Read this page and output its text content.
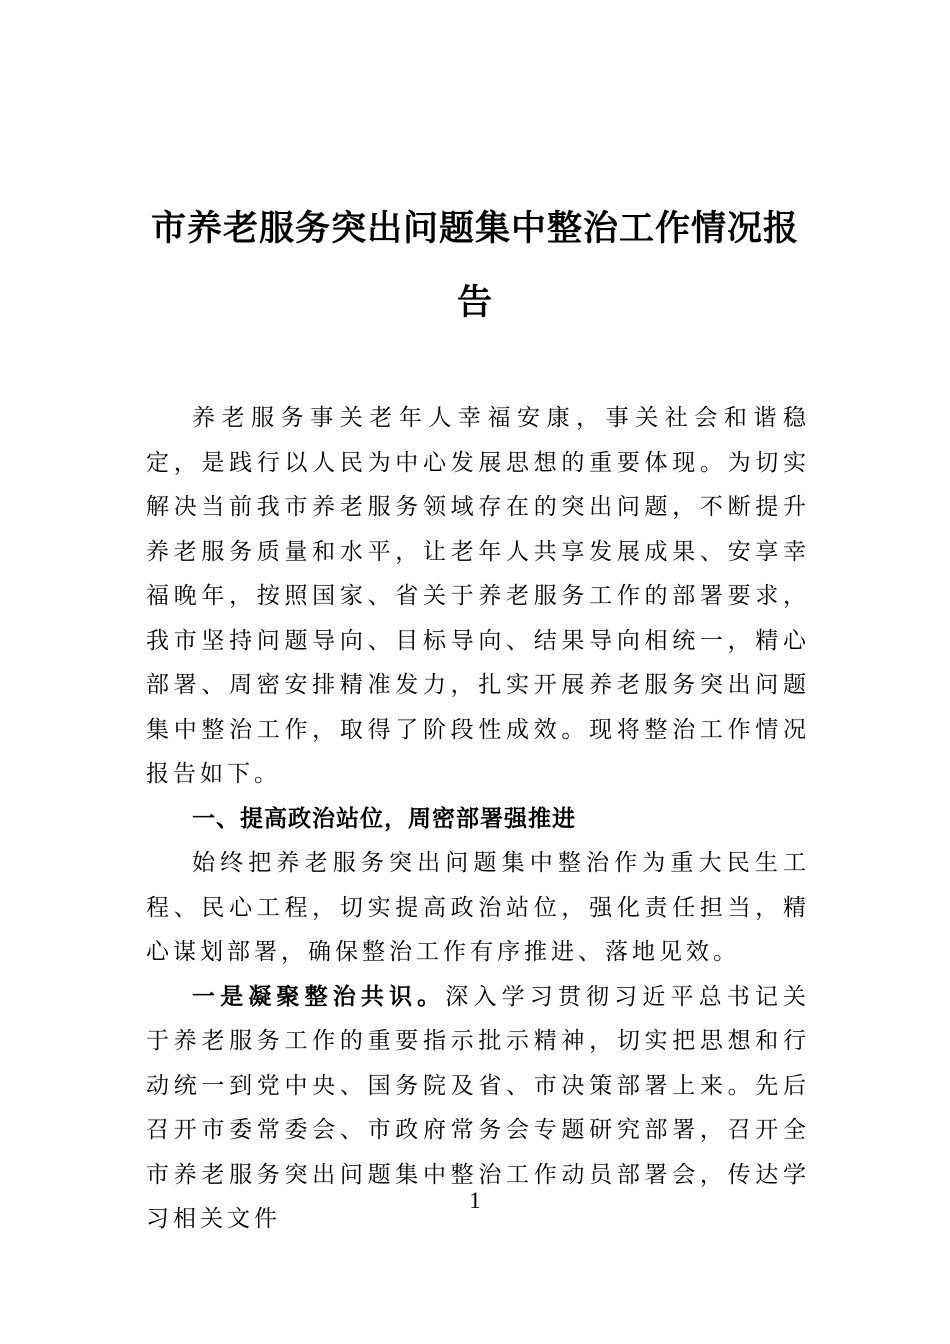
市养老服务突出问题集中整治工作情况报
告

养老服务事关老年人幸福安康，事关社会和谐稳定，是践行以人民为中心发展思想的重要体现。为切实解决当前我市养老服务领域存在的突出问题，不断提升养老服务质量和水平，让老年人共享发展成果、安享幸福晚年，按照国家、省关于养老服务工作的部署要求，我市坚持问题导向、目标导向、结果导向相统一，精心部署、周密安排精准发力，扎实开展养老服务突出问题集中整治工作，取得了阶段性成效。现将整治工作情况报告如下。

一、提高政治站位，周密部署强推进

始终把养老服务突出问题集中整治作为重大民生工程、民心工程，切实提高政治站位，强化责任担当，精心谋划部署，确保整治工作有序推进、落地见效。

一是凝聚整治共识。深入学习贯彻习近平总书记关于养老服务工作的重要指示批示精神，切实把思想和行动统一到党中央、国务院及省、市决策部署上来。先后召开市委常委会、市政府常务会专题研究部署，召开全市养老服务突出问题集中整治工作动员部署会，传达学习相关文件

1
